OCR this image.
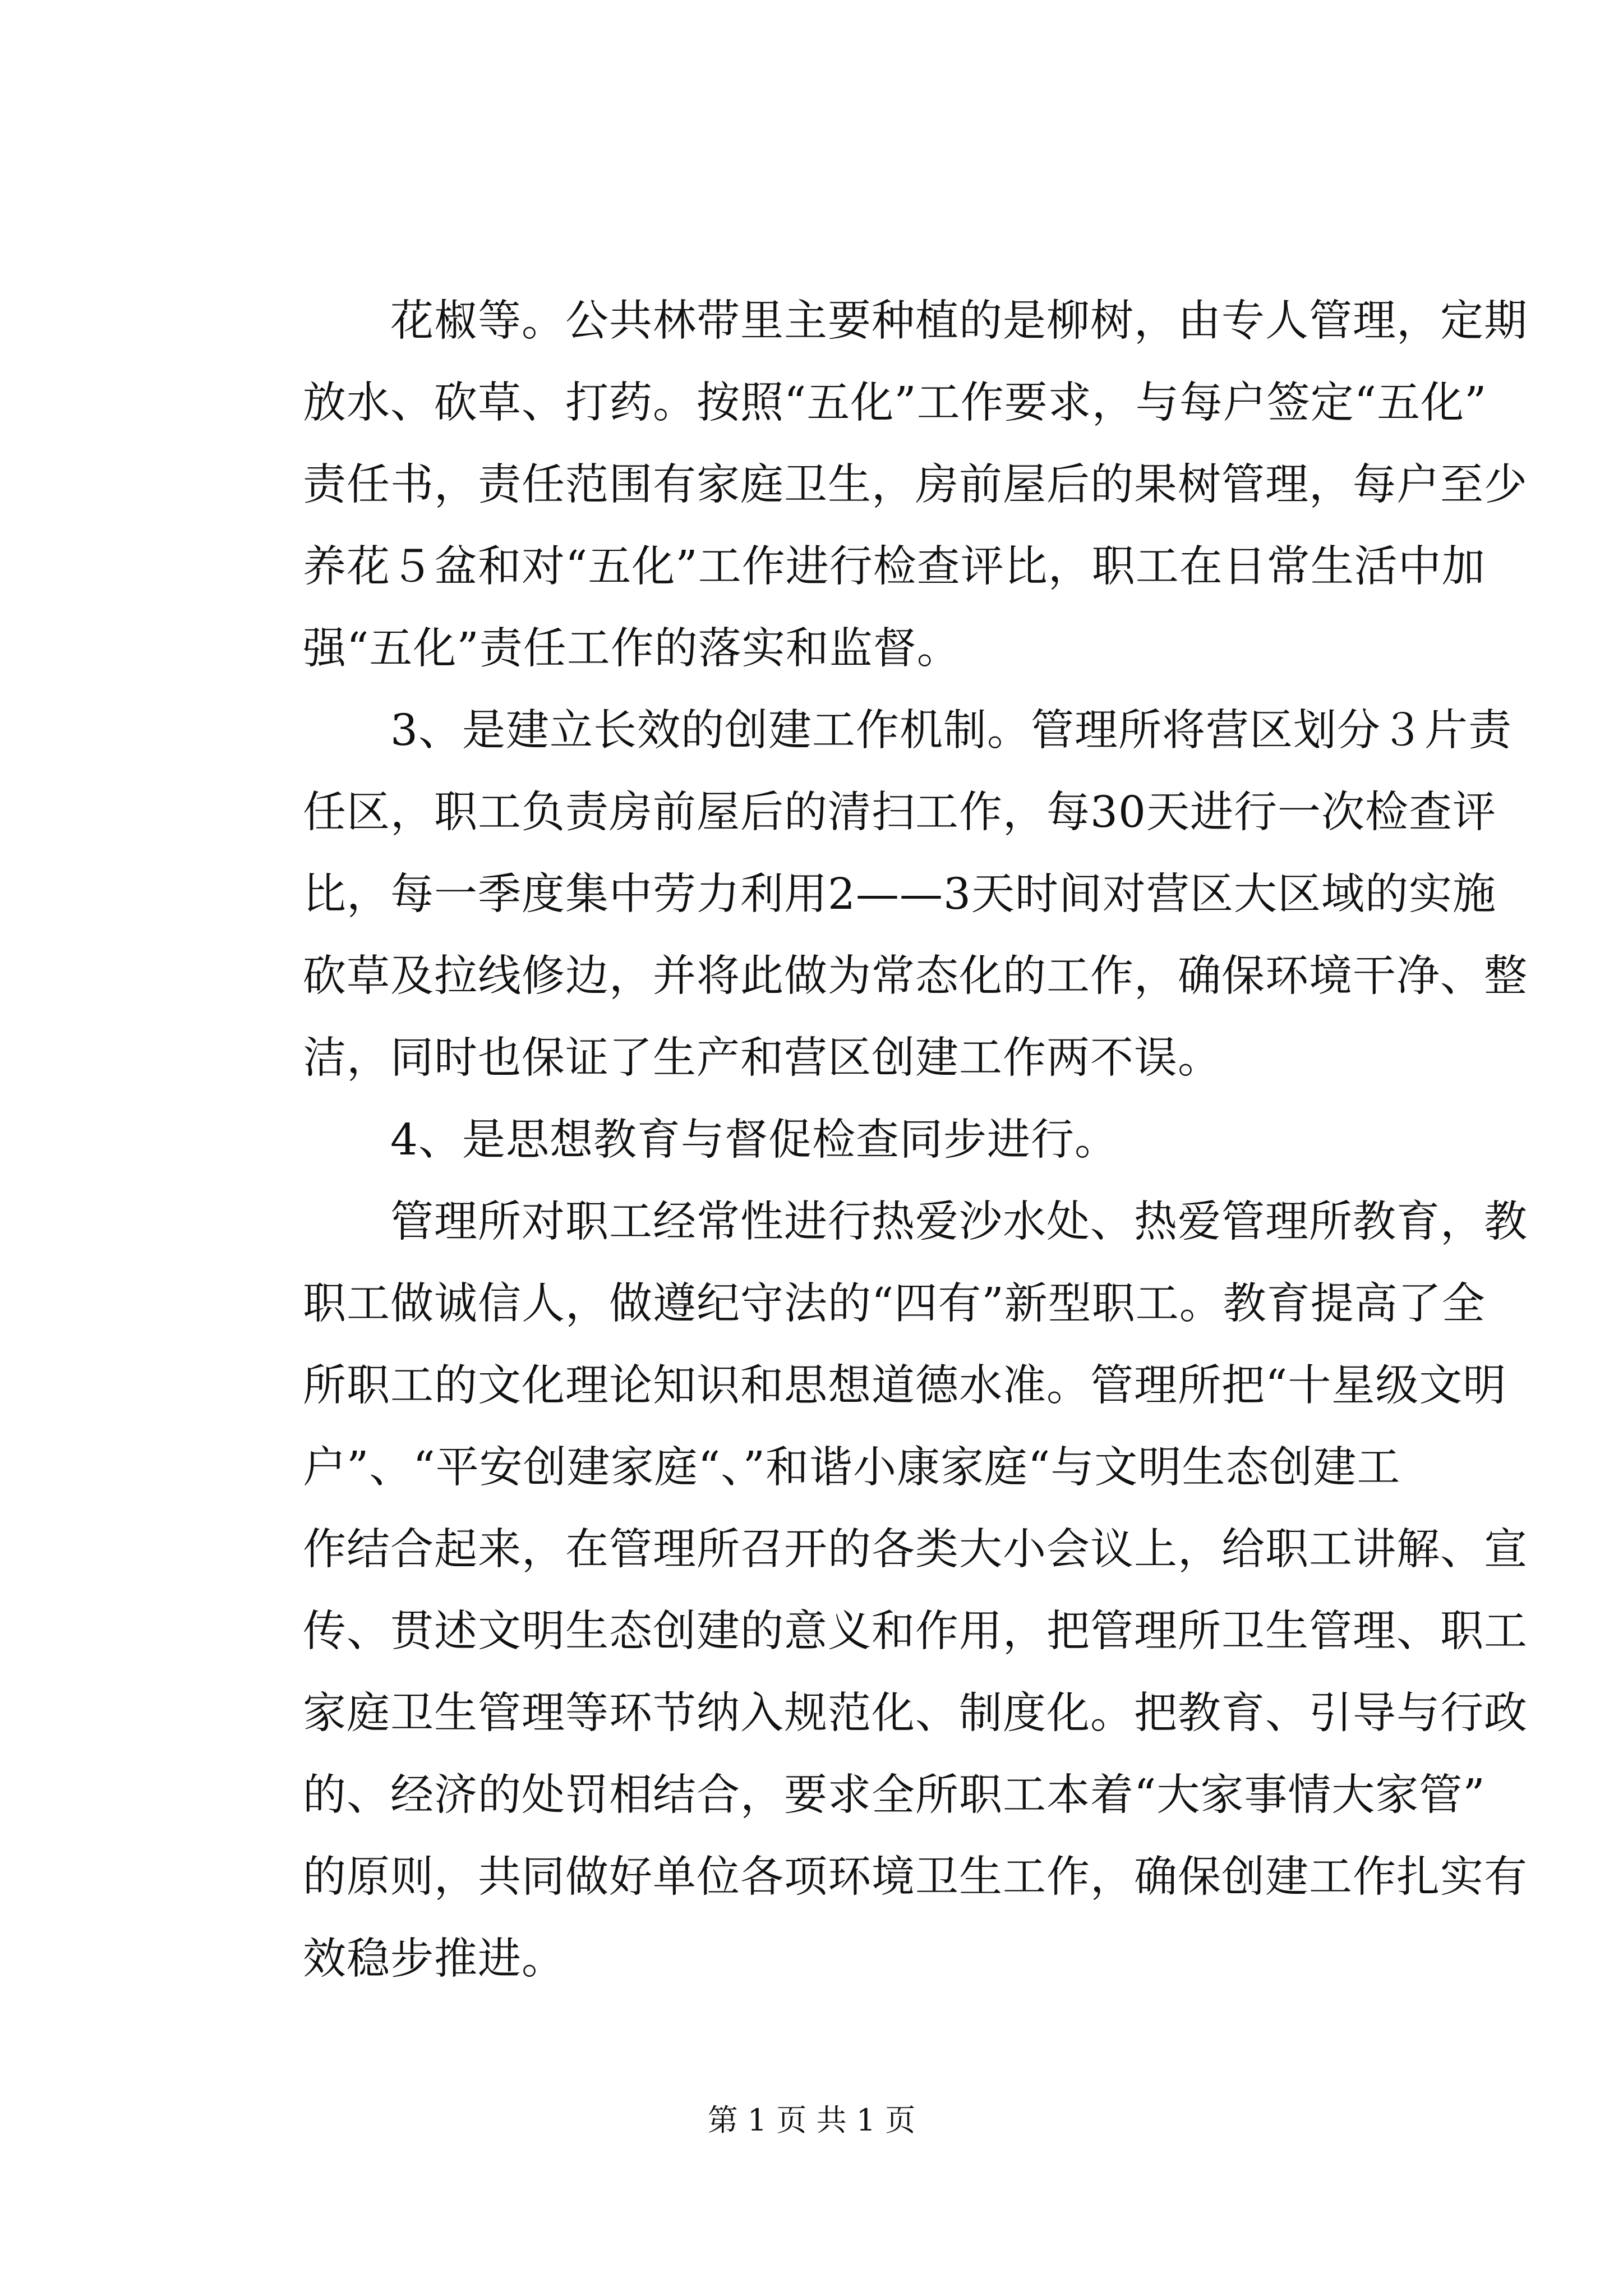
　　花椒等。公共林带里主要种植的是柳树，由专人管理，定期
放水、砍草、打药。按照“五化”工作要求，与每户签定“五化”
责任书，责任范围有家庭卫生，房前屋后的果树管理，每户至少
养花５盆和对“五化”工作进行检查评比，职工在日常生活中加
强“五化”责任工作的落实和监督。
　　3、是建立长效的创建工作机制。管理所将营区划分３片责
任区，职工负责房前屋后的清扫工作，每30天进行一次检查评
比，每一季度集中劳力利用2——3天时间对营区大区域的实施
砍草及拉线修边，并将此做为常态化的工作，确保环境干净、整
洁，同时也保证了生产和营区创建工作两不误。
　　4、是思想教育与督促检查同步进行。
　　管理所对职工经常性进行热爱沙水处、热爱管理所教育，教
职工做诚信人，做遵纪守法的“四有”新型职工。教育提高了全
所职工的文化理论知识和思想道德水准。管理所把“十星级文明
户”、“平安创建家庭“、”和谐小康家庭“与文明生态创建工
作结合起来，在管理所召开的各类大小会议上，给职工讲解、宣
传、贯述文明生态创建的意义和作用，把管理所卫生管理、职工
家庭卫生管理等环节纳入规范化、制度化。把教育、引导与行政
的、经济的处罚相结合，要求全所职工本着“大家事情大家管”
的原则，共同做好单位各项环境卫生工作，确保创建工作扎实有
效稳步推进。
第 1 页 共 1 页
